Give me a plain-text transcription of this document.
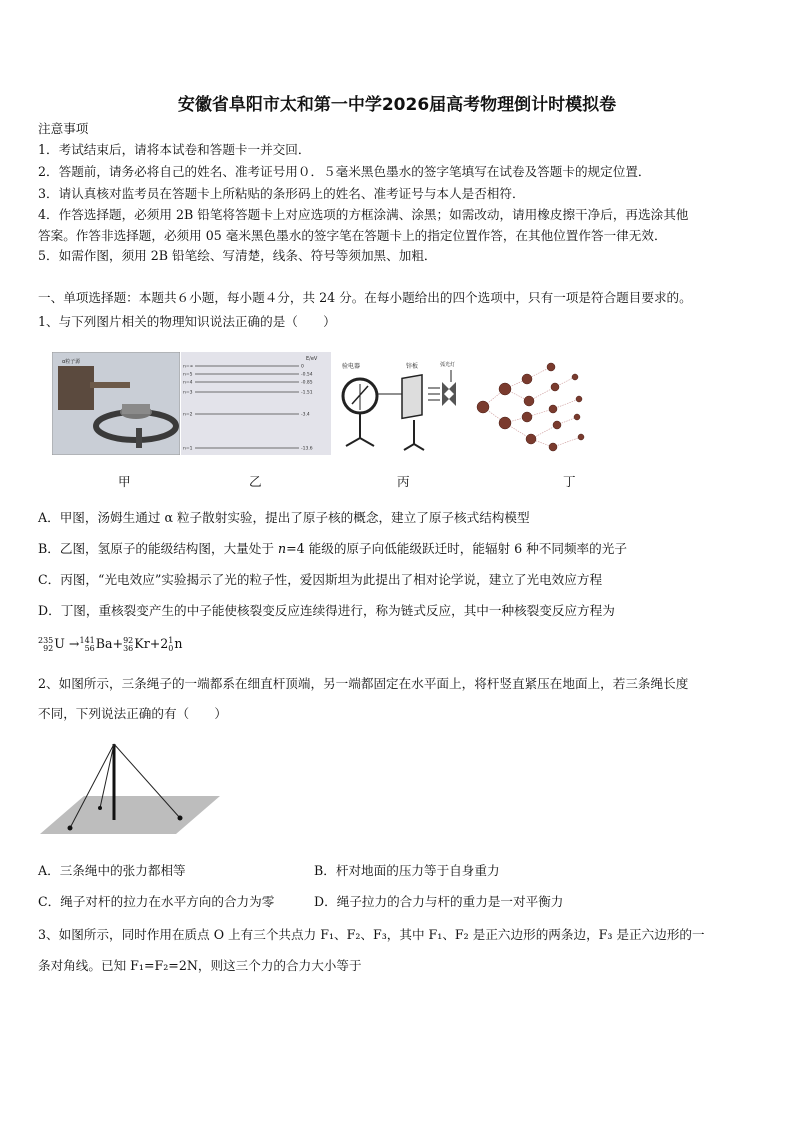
安徽省阜阳市太和第一中学2026届高考物理倒计时模拟卷
注意事项
1．考试结束后，请将本试卷和答题卡一并交回．
2．答题前，请务必将自己的姓名、准考证号用０．５毫米黑色墨水的签字笔填写在试卷及答题卡的规定位置．
3．请认真核对监考员在答题卡上所粘贴的条形码上的姓名、准考证号与本人是否相符．
4．作答选择题，必须用 2B 铅笔将答题卡上对应选项的方框涂满、涂黑；如需改动，请用橡皮擦干净后，再选涂其他
答案。作答非选择题，必须用 05 毫米黑色墨水的签字笔在答题卡上的指定位置作答，在其他位置作答一律无效．
5．如需作图，须用 2B 铅笔绘、写清楚，线条、符号等须加黑、加粗．
一、单项选择题：本题共６小题，每小题４分，共 24 分。在每小题给出的四个选项中，只有一项是符合题目要求的。
1、与下列图片相关的物理知识说法正确的是（　　）
α粒子源	E/eV
n=∞	0
n=5	-0.54
n=4	-0.85
n=3	-1.51
n=2	-3.4
n=1	-13.6
验电器	锌板	弧光灯
甲	乙	丙	丁
A．甲图，汤姆生通过 α 粒子散射实验，提出了原子核的概念，建立了原子核式结构模型
B．乙图，氢原子的能级结构图，大量处于 n=4 能级的原子向低能级跃迁时，能辐射 6 种不同频率的光子
C．丙图，“光电效应”实验揭示了光的粒子性，爱因斯坦为此提出了相对论学说，建立了光电效应方程
D．丁图，重核裂变产生的中子能使核裂变反应连续得进行，称为链式反应，其中一种核裂变反应方程为
235
92U →141
56Ba+92
36Kr+21
0n
2、如图所示，三条绳子的一端都系在细直杆顶端，另一端都固定在水平面上，将杆竖直紧压在地面上，若三条绳长度
不同，下列说法正确的有（　　）
A．三条绳中的张力都相等	B．杆对地面的压力等于自身重力
C．绳子对杆的拉力在水平方向的合力为零	D．绳子拉力的合力与杆的重力是一对平衡力
3、如图所示，同时作用在质点 O 上有三个共点力 F₁、F₂、F₃，其中 F₁、F₂ 是正六边形的两条边，F₃ 是正六边形的一
条对角线。已知 F₁=F₂=2N，则这三个力的合力大小等于
